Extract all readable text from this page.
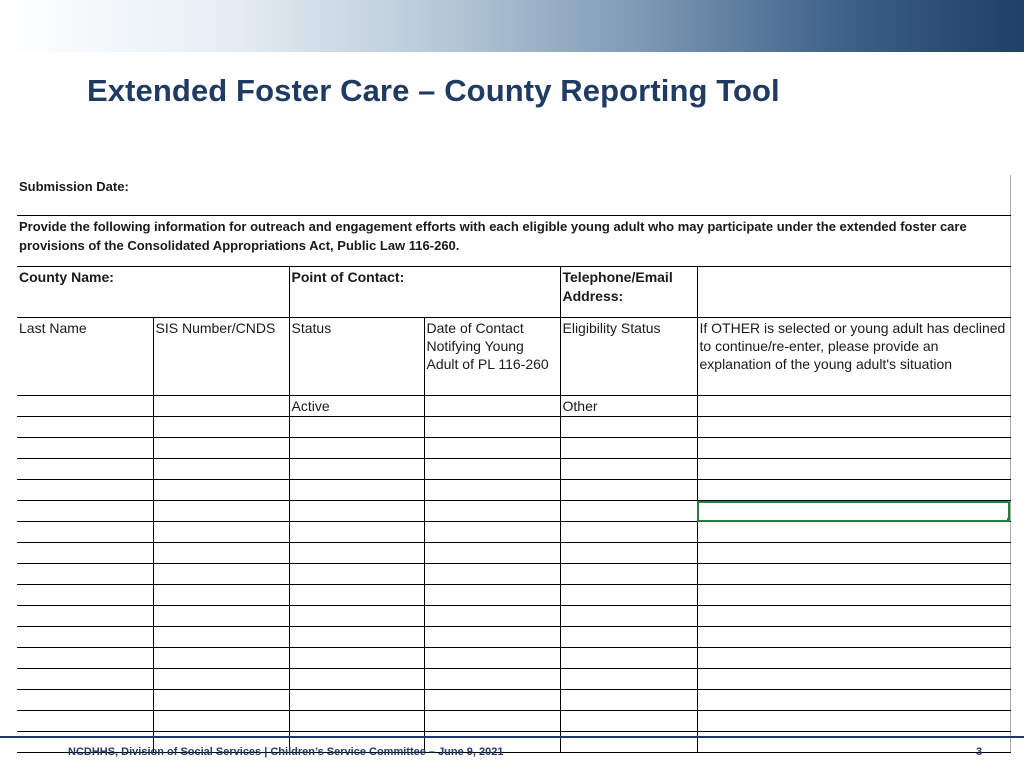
Extended Foster Care – County Reporting Tool
Submission Date:					
Provide the following information for outreach and engagement efforts with each eligible young adult who may participate under the extended foster care provisions of the Consolidated Appropriations Act, Public Law 116-260.					
County Name:		Point of Contact:		Telephone/Email Address:	
Last Name	SIS Number/CNDS	Status	Date of Contact Notifying Young Adult of PL 116-260	Eligibility Status	If OTHER is selected or young adult has declined to continue/re-enter, please provide an explanation of the young adult's situation
		Active		Other	

NCDHHS, Division of Social Services | Children’s Service Committee – June 9, 2021	3
